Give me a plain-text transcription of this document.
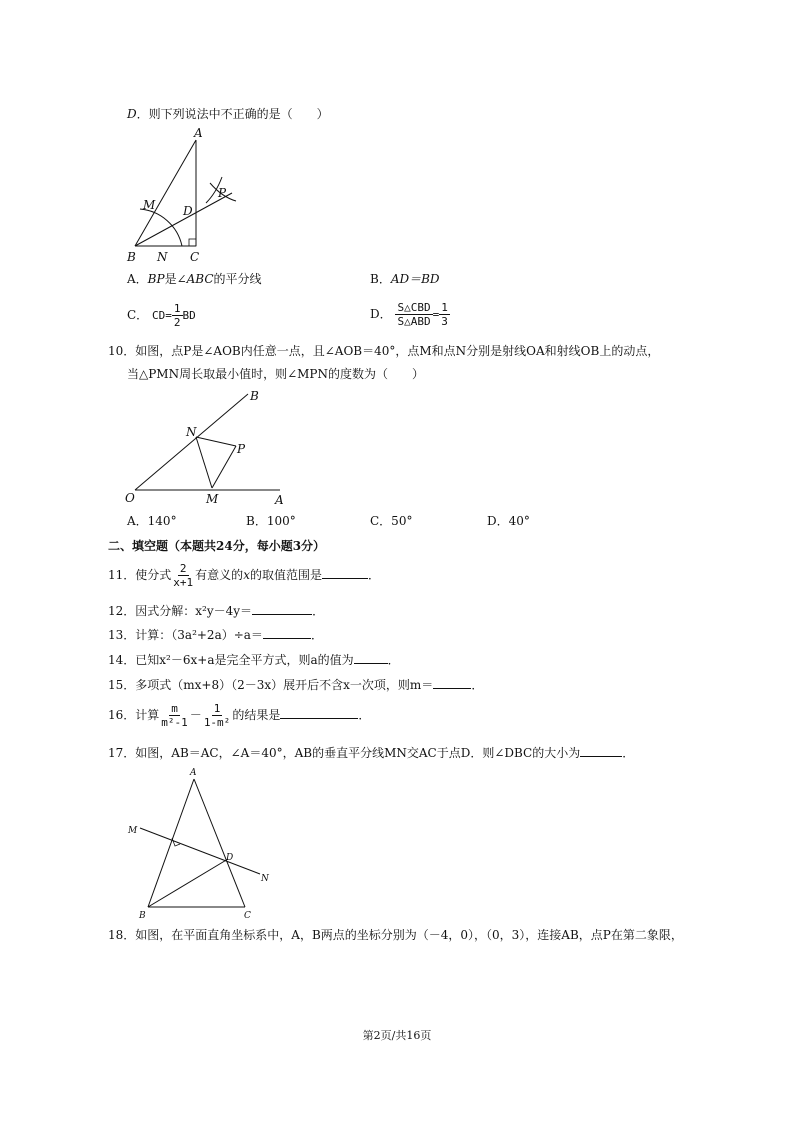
D．则下列说法中不正确的是（　　）
A
B	C
D
M
N
P
A．BP是∠ABC的平分线	B．AD＝BD
C． $CD= \frac{1}{2}$ BD	D． $\frac{\text{S△CBD}}{\text{S△ABD}} = \frac{1}{3}$
10．如图，点P是∠AOB内任意一点，且∠AOB＝40°，点M和点N分别是射线OA和射线OB上的动点，
当△PMN周长取最小值时，则∠MPN的度数为（　　）
O	A
B
M
N
P
A．140°	B．100°	C．50°	D．40°
二、填空题（本题共24分，每小题3分）
11．使分式 $\frac{2}{x+1}$ 有意义的x的取值范围是	．
12．因式分解：x²y－4y＝	．
13．计算：（3a²+2a）÷a＝	．
14．已知x²－6x+a是完全平方式，则a的值为	．
15．多项式（mx+8）（2－3x）展开后不含x一次项，则m＝	．
16．计算 $\frac{m}{\text{m²-1}} - \frac{1}{\text{1-m²}}$ 的结果是	．
17．如图，AB＝AC，∠A＝40°，AB的垂直平分线MN交AC于点D．则∠DBC的大小为	．
A
B	C
D
M
N
18．如图，在平面直角坐标系中，A，B两点的坐标分别为（－4，0），（0，3），连接AB，点P在第二象限，
第2页/共16页
